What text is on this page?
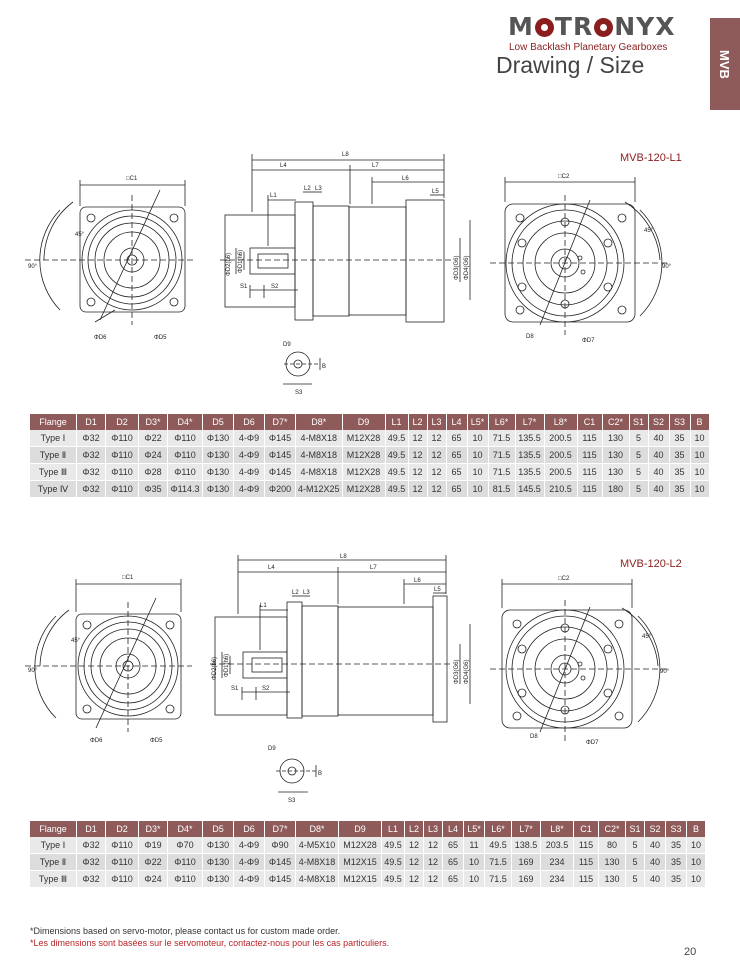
M TR NYX
Low Backlash Planetary Gearboxes
Drawing / Size	MVB
MVB-120-L1
□C1
45°
90°
ΦD6	ΦD5
L8
L4	L7
L6
L5
L1
L2 L3
S1	S2
ΦD2(h6) ΦD1(h6)	ΦD3(G6) ΦD4(G6)
D9
S3
B
□C2
45°
90°
D8
ΦD7
Flange	D1	D2	D3*	D4*	D5	D6	D7*	D8*	D9	L1	L2	L3	L4	L5*	L6*	L7*	L8*	C1	C2*	S1	S2	S3	B
Type Ⅰ	Φ32	Φ110	Φ22	Φ110	Φ130	4-Φ9	Φ145	4-M8X18	M12X28	49.5	12	12	65	10	71.5	135.5	200.5	115	130	5	40	35	10
Type Ⅱ	Φ32	Φ110	Φ24	Φ110	Φ130	4-Φ9	Φ145	4-M8X18	M12X28	49.5	12	12	65	10	71.5	135.5	200.5	115	130	5	40	35	10
Type Ⅲ	Φ32	Φ110	Φ28	Φ110	Φ130	4-Φ9	Φ145	4-M8X18	M12X28	49.5	12	12	65	10	71.5	135.5	200.5	115	130	5	40	35	10
Type Ⅳ	Φ32	Φ110	Φ35	Φ114.3	Φ130	4-Φ9	Φ200	4-M12X25	M12X28	49.5	12	12	65	10	81.5	145.5	210.5	115	180	5	40	35	10
MVB-120-L2
□C1
45°
90°
ΦD6	ΦD5
L8
L4	L7
L6
L5
L1
L2 L3
S1	S2
ΦD2(h6) ΦD1(h6)	ΦD3(G6) ΦD4(G6)
D9
S3
B
□C2
45°
90°
D8
ΦD7
Flange	D1	D2	D3*	D4*	D5	D6	D7*	D8*	D9	L1	L2	L3	L4	L5*	L6*	L7*	L8*	C1	C2*	S1	S2	S3	B
Type Ⅰ	Φ32	Φ110	Φ19	Φ70	Φ130	4-Φ9	Φ90	4-M5X10	M12X28	49.5	12	12	65	11	49.5	138.5	203.5	115	80	5	40	35	10
Type Ⅱ	Φ32	Φ110	Φ22	Φ110	Φ130	4-Φ9	Φ145	4-M8X18	M12X15	49.5	12	12	65	10	71.5	169	234	115	130	5	40	35	10
Type Ⅲ	Φ32	Φ110	Φ24	Φ110	Φ130	4-Φ9	Φ145	4-M8X18	M12X15	49.5	12	12	65	10	71.5	169	234	115	130	5	40	35	10
*Dimensions based on servo-motor, please contact us for custom made order.
*Les dimensions sont basées sur le servomoteur, contactez-nous pour les cas particuliers.
20
